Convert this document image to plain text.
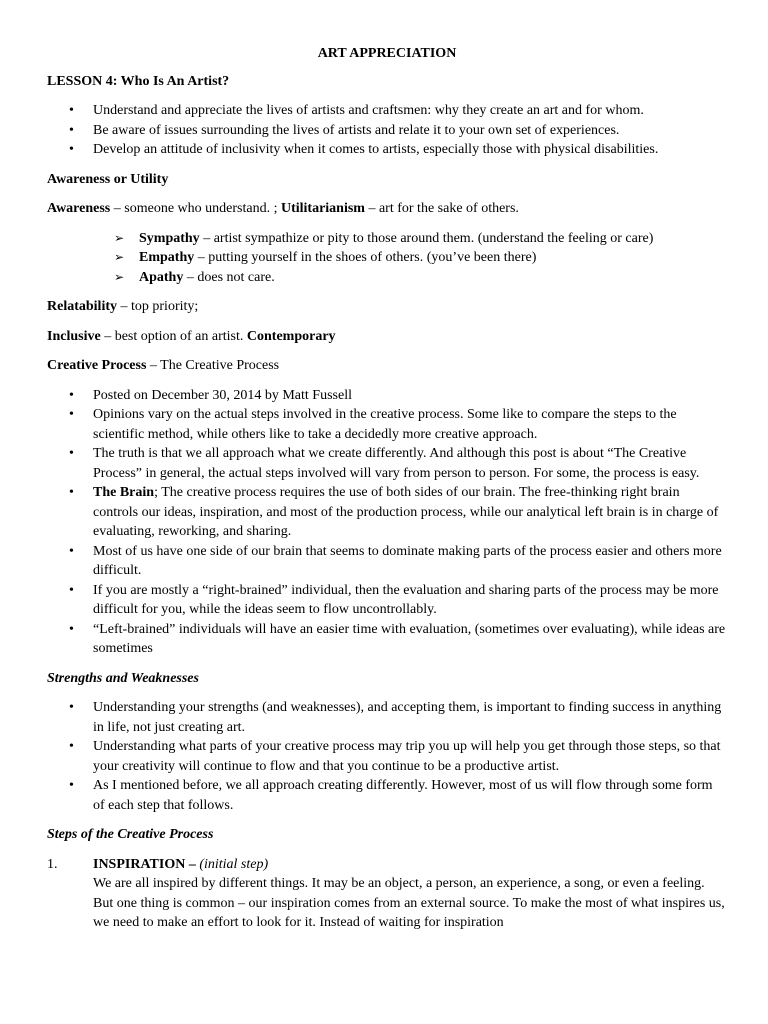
ART APPRECIATION

LESSON 4: Who Is An Artist?

• Understand and appreciate the lives of artists and craftsmen: why they create an art and for whom.
• Be aware of issues surrounding the lives of artists and relate it to your own set of experiences.
• Develop an attitude of inclusivity when it comes to artists, especially those with physical disabilities.

Awareness or Utility

Awareness – someone who understand. ; Utilitarianism – art for the sake of others.

➢ Sympathy – artist sympathize or pity to those around them. (understand the feeling or care)
➢ Empathy – putting yourself in the shoes of others. (you’ve been there)
➢ Apathy – does not care.

Relatability – top priority;

Inclusive – best option of an artist. Contemporary

Creative Process – The Creative Process

• Posted on December 30, 2014 by Matt Fussell
• Opinions vary on the actual steps involved in the creative process. Some like to compare the steps to the scientific method, while others like to take a decidedly more creative approach.
• The truth is that we all approach what we create differently. And although this post is about “The Creative Process” in general, the actual steps involved will vary from person to person. For some, the process is easy.
• The Brain; The creative process requires the use of both sides of our brain. The free-thinking right brain controls our ideas, inspiration, and most of the production process, while our analytical left brain is in charge of evaluating, reworking, and sharing.
• Most of us have one side of our brain that seems to dominate making parts of the process easier and others more difficult.
• If you are mostly a “right-brained” individual, then the evaluation and sharing parts of the process may be more difficult for you, while the ideas seem to flow uncontrollably.
• “Left-brained” individuals will have an easier time with evaluation, (sometimes over evaluating), while ideas are sometimes

Strengths and Weaknesses

• Understanding your strengths (and weaknesses), and accepting them, is important to finding success in anything in life, not just creating art.
• Understanding what parts of your creative process may trip you up will help you get through those steps, so that your creativity will continue to flow and that you continue to be a productive artist.
• As I mentioned before, we all approach creating differently. However, most of us will flow through some form of each step that follows.

Steps of the Creative Process

1.	INSPIRATION – (initial step)
We are all inspired by different things. It may be an object, a person, an experience, a song, or even a feeling. But one thing is common – our inspiration comes from an external source. To make the most of what inspires us, we need to make an effort to look for it. Instead of waiting for inspiration
